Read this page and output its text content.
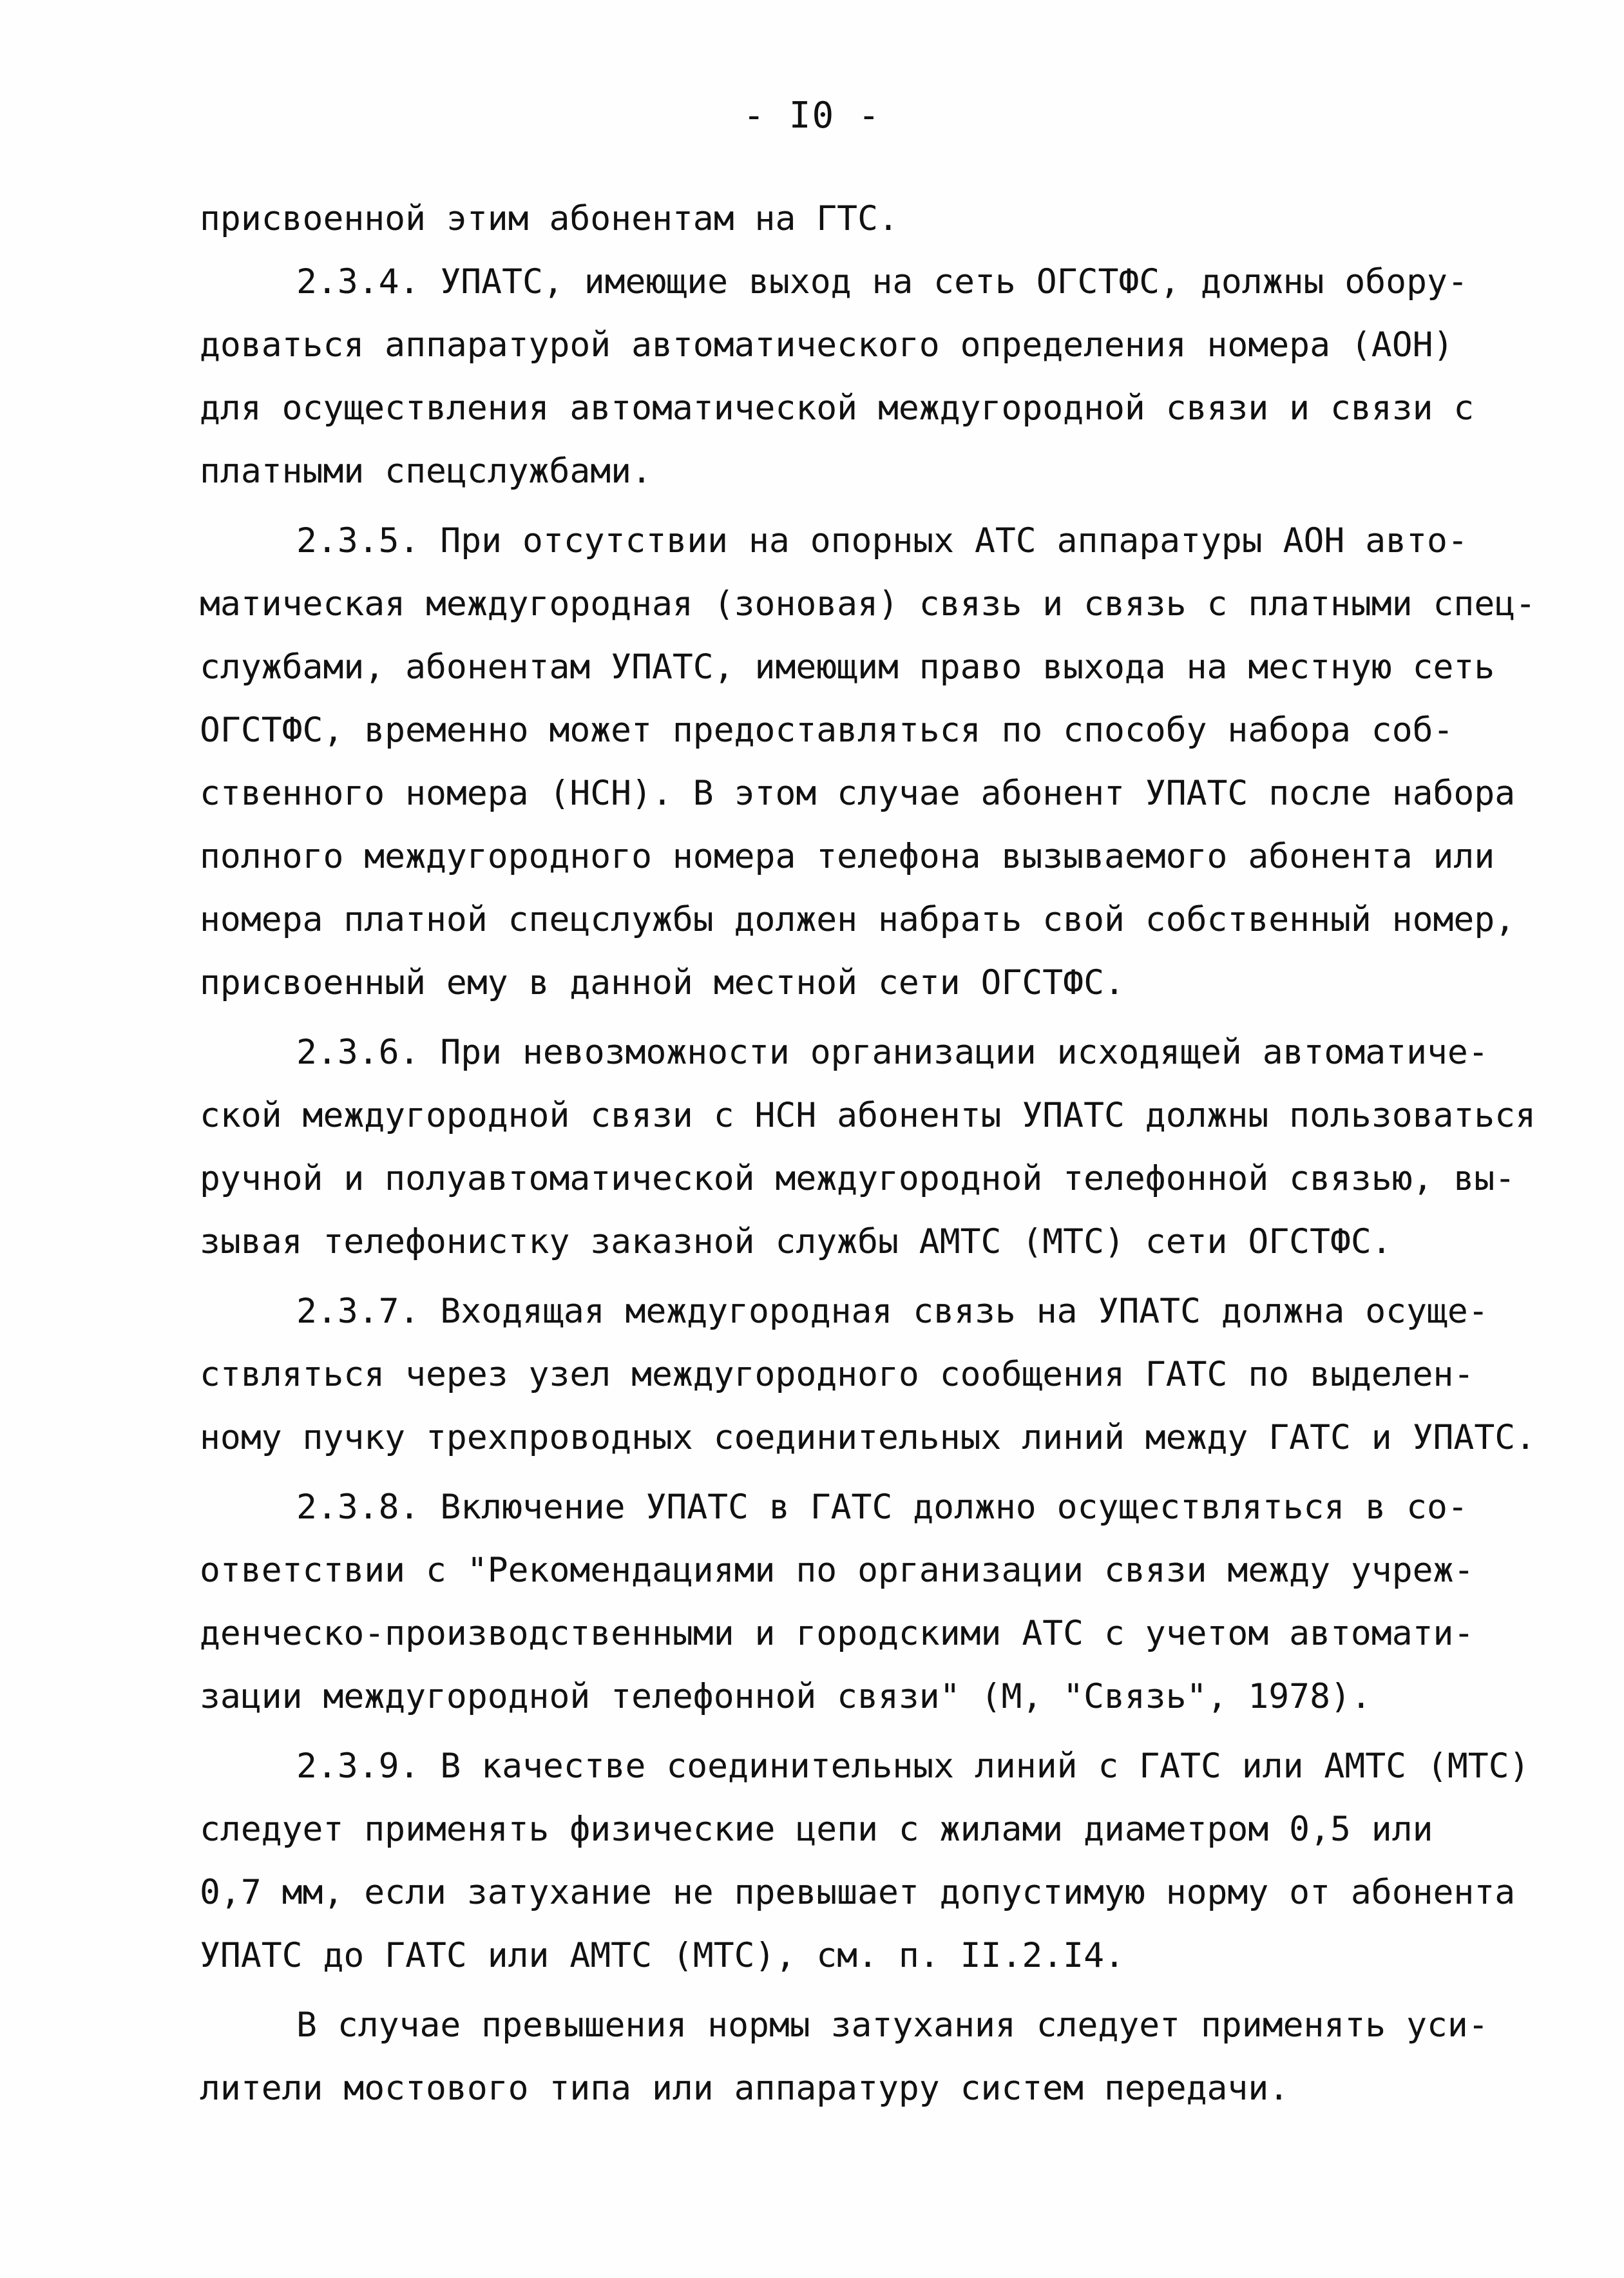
- I0 -
присвоенной этим абонентам на ГТС.
2.3.4. УПАТС, имеющие выход на сеть ОГСТФС, должны обору-
доваться аппаратурой автоматического определения номера (АОН)
для осуществления автоматической междугородной связи и связи с
платными спецслужбами.
2.3.5. При отсутствии на опорных АТС аппаратуры АОН авто-
матическая междугородная (зоновая) связь и связь с платными спец-
службами, абонентам УПАТС, имеющим право выхода на местную сеть
ОГСТФС, временно может предоставляться по способу набора соб-
ственного номера (НСН). В этом случае абонент УПАТС после набора
полного междугородного номера телефона вызываемого абонента или
номера платной спецслужбы должен набрать свой собственный номер,
присвоенный ему в данной местной сети ОГСТФС.
2.3.6. При невозможности организации исходящей автоматиче-
ской междугородной связи с НСН абоненты УПАТС должны пользоваться
ручной и полуавтоматической междугородной телефонной связью, вы-
зывая телефонистку заказной службы АМТС (МТС) сети ОГСТФС.
2.3.7. Входящая междугородная связь на УПАТС должна осуще-
ствляться через узел междугородного сообщения ГАТС по выделен-
ному пучку трехпроводных соединительных линий между ГАТС и УПАТС.
2.3.8. Включение УПАТС в ГАТС должно осуществляться в со-
ответствии с "Рекомендациями по организации связи между учреж-
денческо-производственными и городскими АТС с учетом автомати-
зации междугородной телефонной связи" (М, "Связь", 1978).
2.3.9. В качестве соединительных линий с ГАТС или АМТС (МТС)
следует применять физические цепи с жилами диаметром 0,5 или
0,7 мм, если затухание не превышает допустимую норму от абонента
УПАТС до ГАТС или АМТС (МТС), см. п. II.2.I4.
В случае превышения нормы затухания следует применять уси-
лители мостового типа или аппаратуру систем передачи.
